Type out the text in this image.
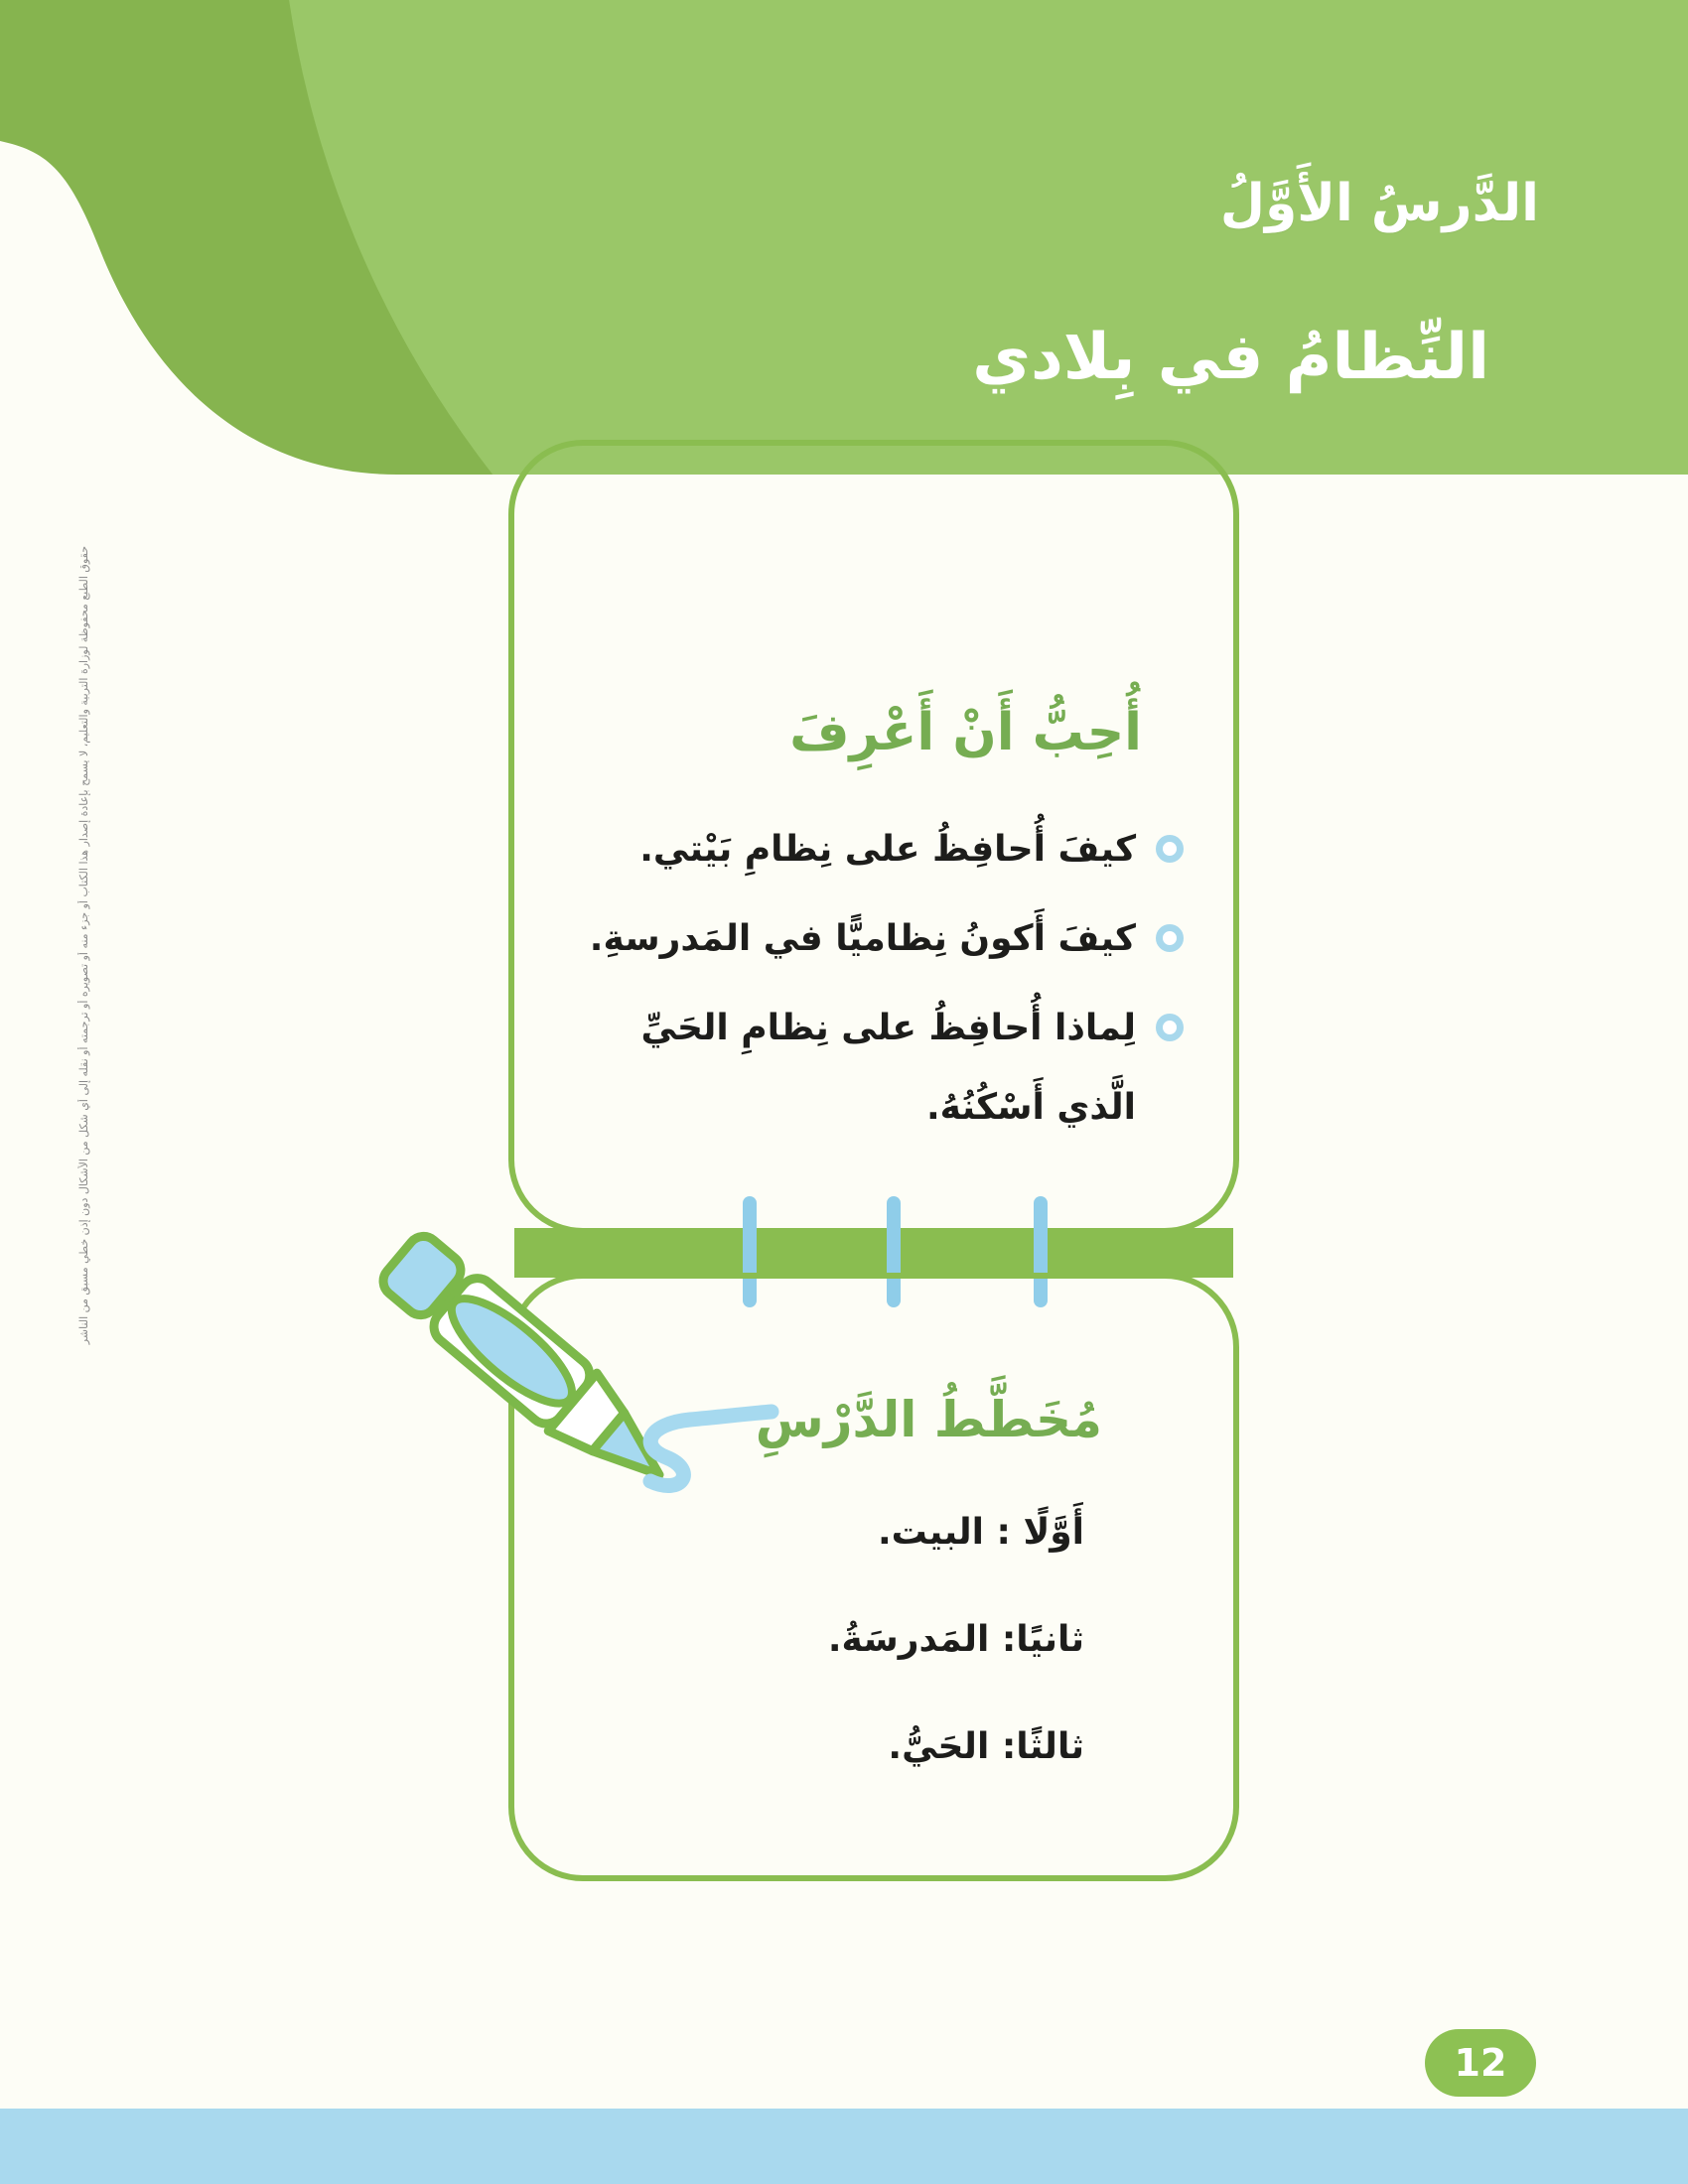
الدَّرسُ الأَوَّلُ
النِّظامُ في بِلادي
أُحِبُّ أَنْ أَعْرِفَ
كيفَ أُحافِظُ على نِظامِ بَيْتي.
كيفَ أَكونُ نِظاميًّا في المَدرسةِ.
لِماذا أُحافِظُ على نِظامِ الحَيِّ الَّذي أَسْكُنُهُ.
مُخَطَّطُ الدَّرْسِ
أَوَّلًا : البيت.
ثانيًا: المَدرسَةُ.
ثالثًا: الحَيُّ.
حقوق الطبع محفوظة لوزارة التربية والتعليم، لا يسمح بإعادة إصدار هذا الكتاب أو جزء منه أو تصويره أو ترجمته أو نقله إلى أي شكل من الأشكال دون إذن خطي مسبق من الناشر
12
